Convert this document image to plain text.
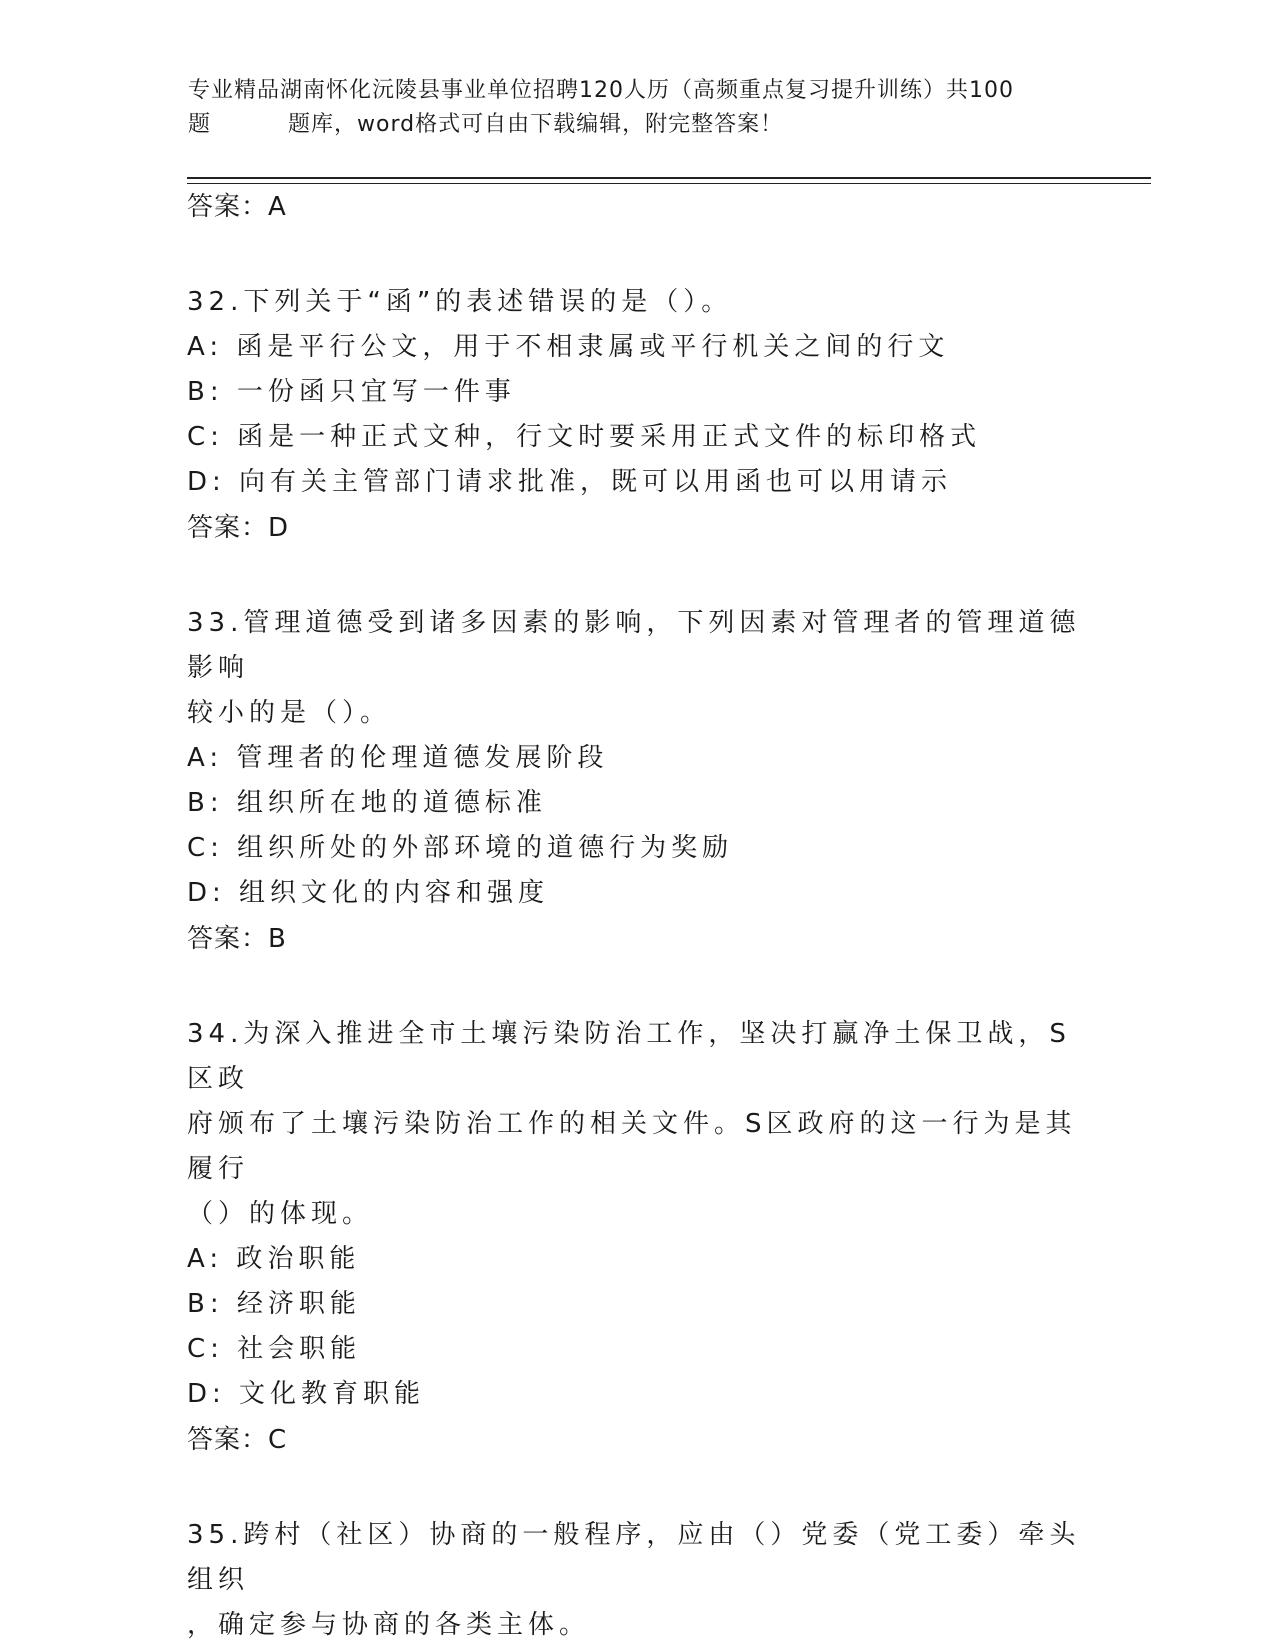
专业精品湖南怀化沅陵县事业单位招聘120人历（高频重点复习提升训练）共100
题	题库，word格式可自由下载编辑，附完整答案！
答案：A
32.下列关于“函”的表述错误的是（）。
A: 函是平行公文，用于不相隶属或平行机关之间的行文
B: 一份函只宜写一件事
C: 函是一种正式文种，行文时要采用正式文件的标印格式
D: 向有关主管部门请求批准，既可以用函也可以用请示
答案：D
33.管理道德受到诸多因素的影响，下列因素对管理者的管理道德影响
较小的是（）。
A: 管理者的伦理道德发展阶段
B: 组织所在地的道德标准
C: 组织所处的外部环境的道德行为奖励
D: 组织文化的内容和强度
答案：B
34.为深入推进全市土壤污染防治工作，坚决打赢净土保卫战，S区政
府颁布了土壤污染防治工作的相关文件。S区政府的这一行为是其履行
（）的体现。
A: 政治职能
B: 经济职能
C: 社会职能
D: 文化教育职能
答案：C
35.跨村（社区）协商的一般程序，应由（）党委（党工委）牵头组织
，确定参与协商的各类主体。
